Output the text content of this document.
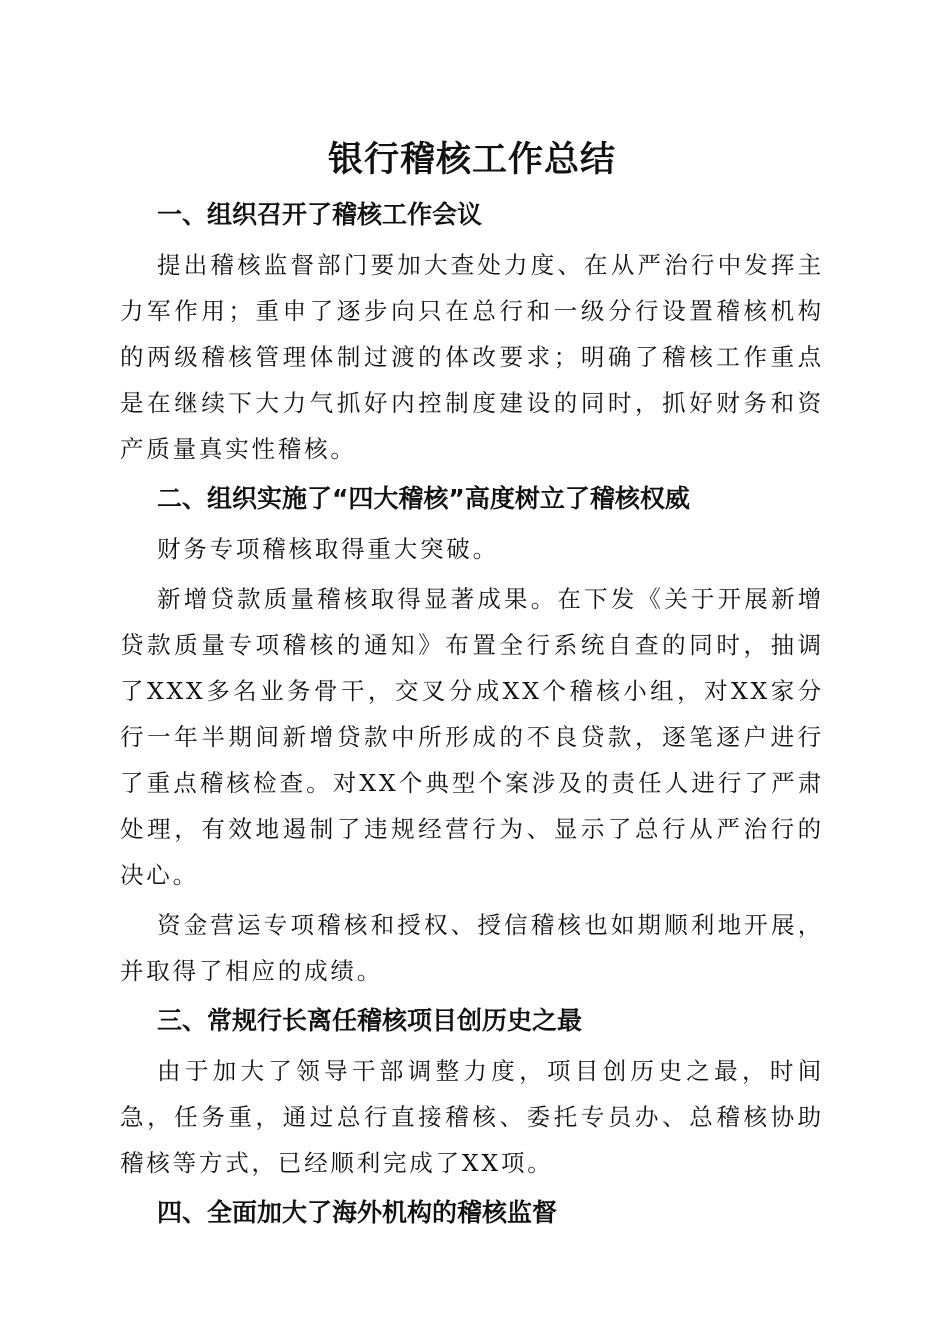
银行稽核工作总结
一、组织召开了稽核工作会议

提出稽核监督部门要加大查处力度、在从严治行中发挥主力军作用；重申了逐步向只在总行和一级分行设置稽核机构的两级稽核管理体制过渡的体改要求；明确了稽核工作重点是在继续下大力气抓好内控制度建设的同时，抓好财务和资产质量真实性稽核。

二、组织实施了“四大稽核”高度树立了稽核权威

财务专项稽核取得重大突破。

新增贷款质量稽核取得显著成果。在下发《关于开展新增贷款质量专项稽核的通知》布置全行系统自查的同时，抽调了XXX多名业务骨干，交叉分成XX个稽核小组，对XX家分行一年半期间新增贷款中所形成的不良贷款，逐笔逐户进行了重点稽核检查。对XX个典型个案涉及的责任人进行了严肃处理，有效地遏制了违规经营行为、显示了总行从严治行的决心。

资金营运专项稽核和授权、授信稽核也如期顺利地开展，并取得了相应的成绩。

三、常规行长离任稽核项目创历史之最

由于加大了领导干部调整力度，项目创历史之最，时间急，任务重，通过总行直接稽核、委托专员办、总稽核协助稽核等方式，已经顺利完成了XX项。

四、全面加大了海外机构的稽核监督
